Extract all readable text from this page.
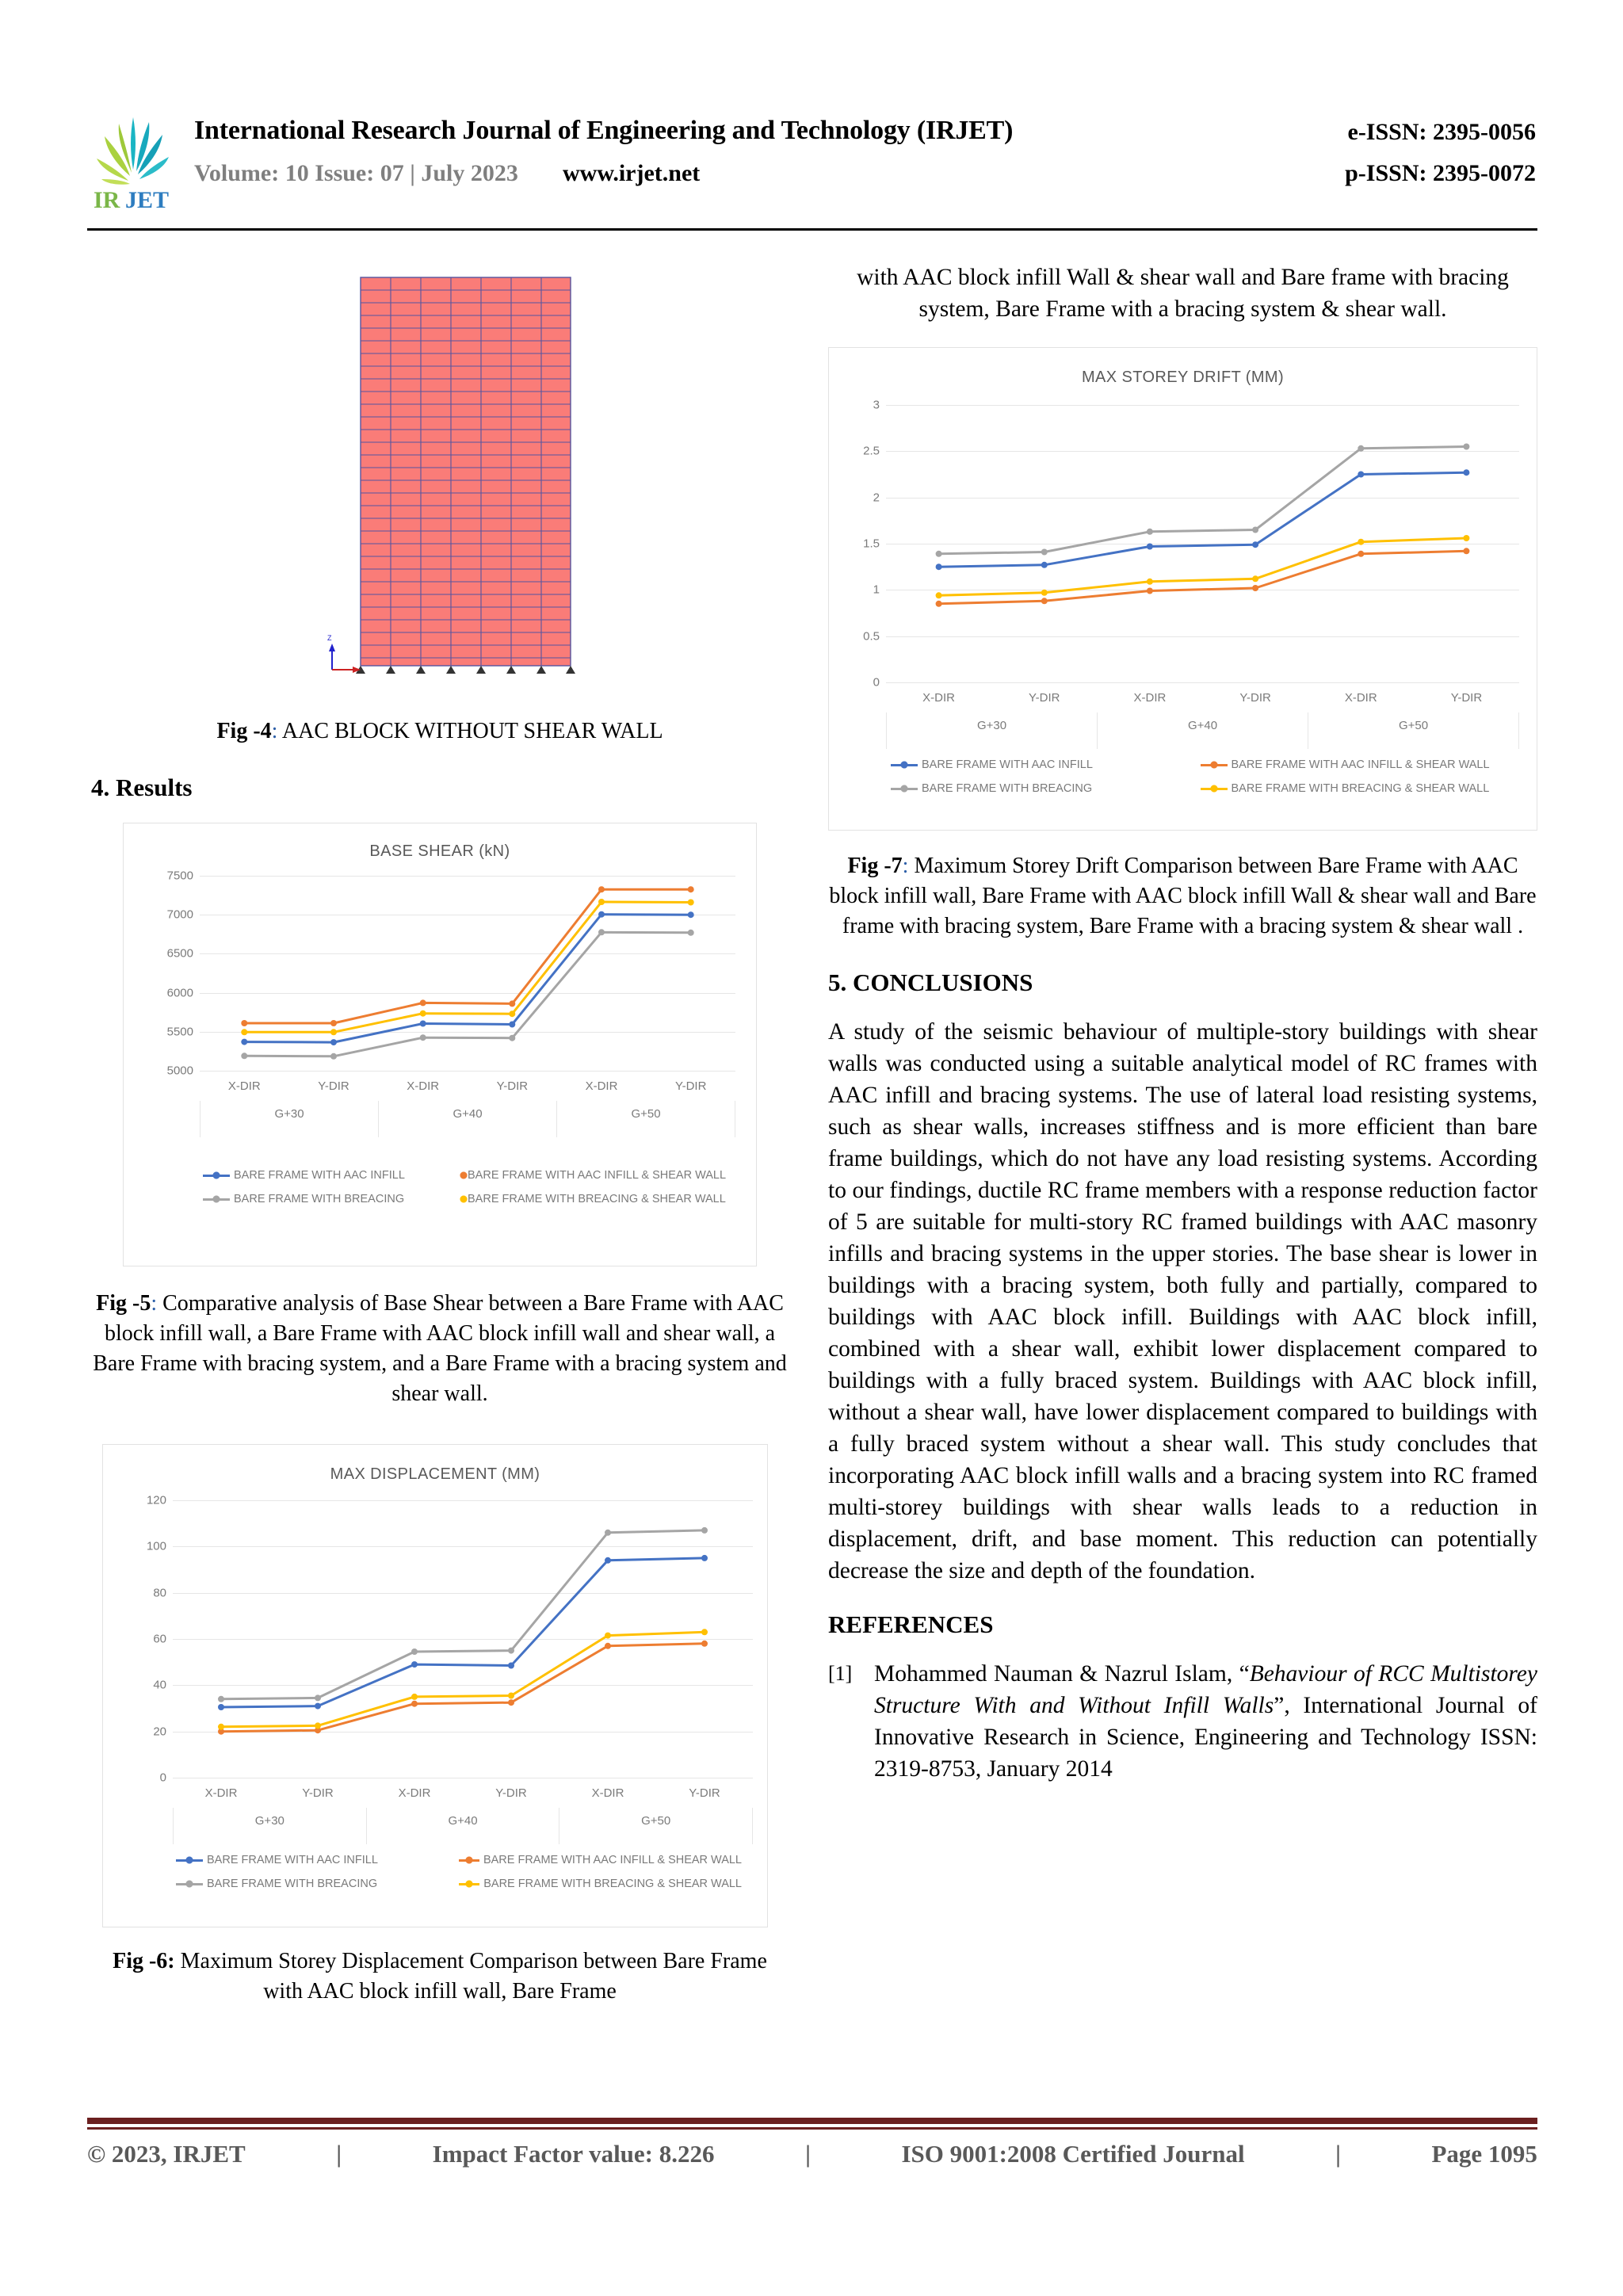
IR JET
International Research Journal of Engineering and Technology (IRJET)	e-ISSN: 2395-0056
Volume: 10 Issue: 07 | July 2023 www.irjet.net	p-ISSN: 2395-0072
Z
Fig -4: AAC BLOCK WITHOUT SHEAR WALL
4. Results
BASE SHEAR (kN)
5000
5500
6000
6500
7000
7500
X-DIR	Y-DIR	X-DIR	Y-DIR	X-DIR	Y-DIR
G+30	G+40	G+50
BARE FRAME WITH AAC INFILL	BARE FRAME WITH AAC INFILL & SHEAR WALL
BARE FRAME WITH BREACING	BARE FRAME WITH BREACING & SHEAR WALL
Fig -5: Comparative analysis of Base Shear between a Bare Frame with AAC block infill wall, a Bare Frame with AAC block infill wall and shear wall, a Bare Frame with bracing system, and a Bare Frame with a bracing system and shear wall.
MAX DISPLACEMENT (MM)
0
20
40
60
80
100
120
X-DIR	Y-DIR	X-DIR	Y-DIR	X-DIR	Y-DIR
G+30	G+40	G+50
BARE FRAME WITH AAC INFILL	BARE FRAME WITH AAC INFILL & SHEAR WALL
BARE FRAME WITH BREACING	BARE FRAME WITH BREACING & SHEAR WALL
Fig -6: Maximum Storey Displacement Comparison between Bare Frame with AAC block infill wall, Bare Frame
with AAC block infill Wall & shear wall and Bare frame with bracing system, Bare Frame with a bracing system & shear wall.
MAX STOREY DRIFT (MM)
0
0.5
1
1.5
2
2.5
3
X-DIR	Y-DIR	X-DIR	Y-DIR	X-DIR	Y-DIR
G+30	G+40	G+50
BARE FRAME WITH AAC INFILL	BARE FRAME WITH AAC INFILL & SHEAR WALL
BARE FRAME WITH BREACING	BARE FRAME WITH BREACING & SHEAR WALL
Fig -7: Maximum Storey Drift Comparison between Bare Frame with AAC block infill wall, Bare Frame with AAC block infill Wall & shear wall and Bare frame with bracing system, Bare Frame with a bracing system & shear wall .
5. CONCLUSIONS
A study of the seismic behaviour of multiple-story buildings with shear walls was conducted using a suitable analytical model of RC frames with AAC infill and bracing systems. The use of lateral load resisting systems, such as shear walls, increases stiffness and is more efficient than bare frame buildings, which do not have any load resisting systems. According to our findings, ductile RC frame members with a response reduction factor of 5 are suitable for multi-story RC framed buildings with AAC masonry infills and bracing systems in the upper stories. The base shear is lower in buildings with a bracing system, both fully and partially, compared to buildings with AAC block infill. Buildings with AAC block infill, combined with a shear wall, exhibit lower displacement compared to buildings with a fully braced system. Buildings with AAC block infill, without a shear wall, have lower displacement compared to buildings with a fully braced system without a shear wall. This study concludes that incorporating AAC block infill walls and a bracing system into RC framed multi-storey buildings with shear walls leads to a reduction in displacement, drift, and base moment. This reduction can potentially decrease the size and depth of the foundation.
REFERENCES
[1] Mohammed Nauman & Nazrul Islam, “Behaviour of RCC Multistorey Structure With and Without Infill Walls”, International Journal of Innovative Research in Science, Engineering and Technology ISSN: 2319-8753, January 2014
© 2023, IRJET	|	Impact Factor value: 8.226	|	ISO 9001:2008 Certified Journal	|	Page 1095
